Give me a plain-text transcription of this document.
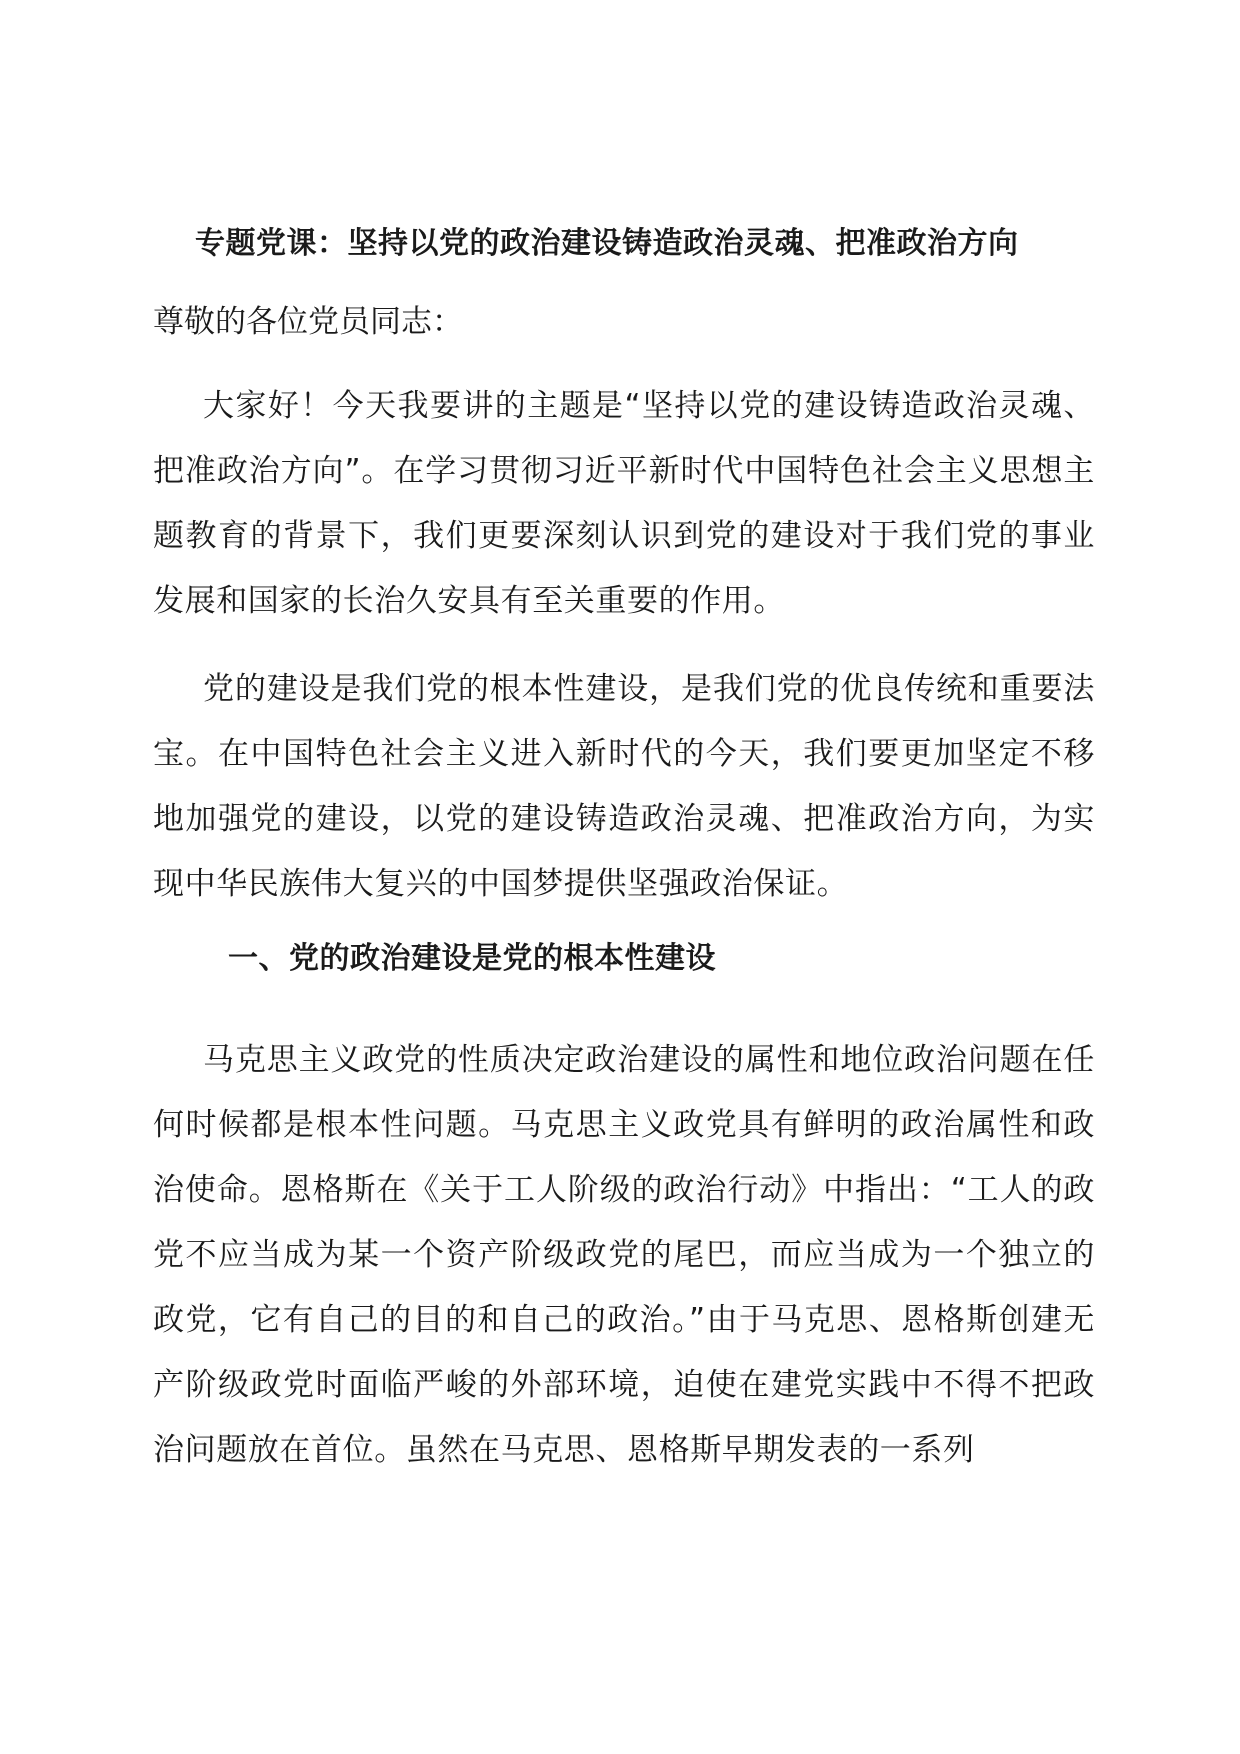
专题党课：坚持以党的政治建设铸造政治灵魂、把准政治方向
尊敬的各位党员同志：
大家好！今天我要讲的主题是“坚持以党的建设铸造政治灵魂、把准政治方向”。在学习贯彻习近平新时代中国特色社会主义思想主题教育的背景下，我们更要深刻认识到党的建设对于我们党的事业发展和国家的长治久安具有至关重要的作用。
党的建设是我们党的根本性建设，是我们党的优良传统和重要法宝。在中国特色社会主义进入新时代的今天，我们要更加坚定不移地加强党的建设，以党的建设铸造政治灵魂、把准政治方向，为实现中华民族伟大复兴的中国梦提供坚强政治保证。
一、党的政治建设是党的根本性建设
马克思主义政党的性质决定政治建设的属性和地位政治问题在任何时候都是根本性问题。马克思主义政党具有鲜明的政治属性和政治使命。恩格斯在《关于工人阶级的政治行动》中指出：“工人的政党不应当成为某一个资产阶级政党的尾巴，而应当成为一个独立的政党，它有自己的目的和自己的政治。”由于马克思、恩格斯创建无产阶级政党时面临严峻的外部环境，迫使在建党实践中不得不把政治问题放在首位。虽然在马克思、恩格斯早期发表的一系列
